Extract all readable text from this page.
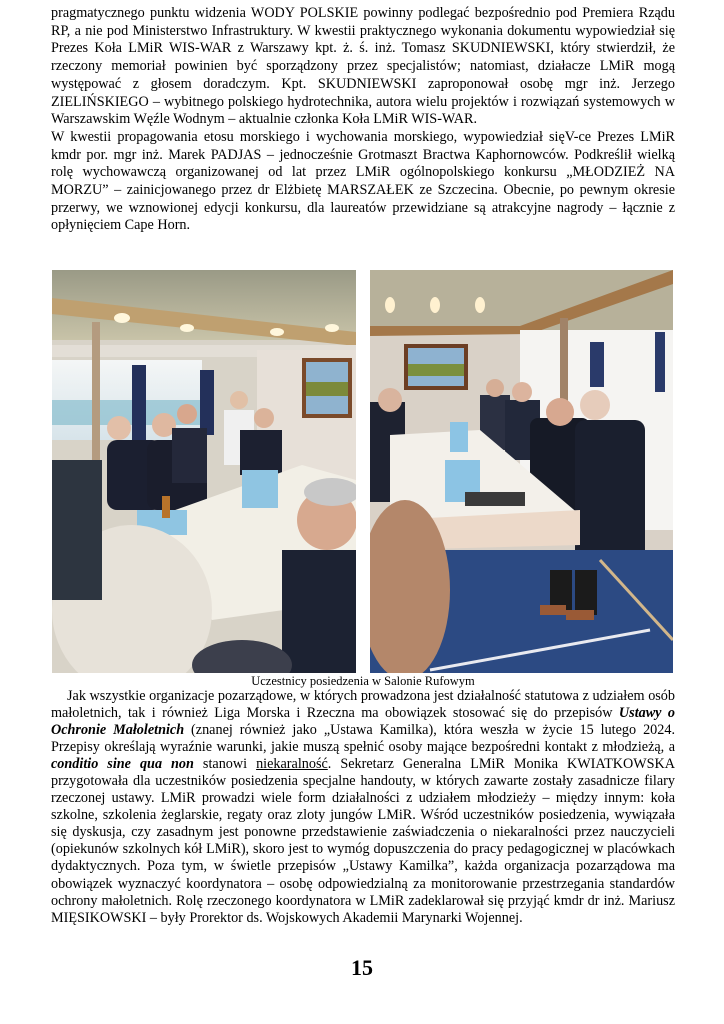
pragmatycznego punktu widzenia WODY POLSKIE powinny podlegać bezpośrednio pod Premiera Rządu RP, a nie pod Ministerstwo Infrastruktury. W kwestii praktycznego wykonania dokumentu wypowiedział się Prezes Koła LMiR WIS-WAR z Warszawy kpt. ż. ś. inż. Tomasz SKUDNIEWSKI, który stwierdził, że rzeczony memoriał powinien być sporządzony przez specjalistów; natomiast, działacze LMiR mogą występować z głosem doradczym. Kpt. SKUDNIEWSKI zaproponował osobę mgr inż. Jerzego ZIELIŃSKIEGO – wybitnego polskiego hydrotechnika, autora wielu projektów i rozwiązań systemowych w Warszawskim Węźle Wodnym – aktualnie członka Koła LMiR WIS-WAR.

W kwestii propagowania etosu morskiego i wychowania morskiego, wypowiedział sięV-ce Prezes LMiR kmdr por. mgr inż. Marek PADJAS – jednocześnie Grotmaszt Bractwa Kaphornowców. Podkreślił wielką rolę wychowawczą organizowanej od lat przez LMiR ogólnopolskiego konkursu „MŁODZIEŻ NA MORZU” – zainicjowanego przez dr Elżbietę MARSZAŁEK ze Szczecina. Obecnie, po pewnym okresie przerwy, we wznowionej edycji konkursu, dla laureatów przewidziane są atrakcyjne nagrody – łącznie z opłynięciem Cape Horn.

Uczestnicy posiedzenia w Salonie Rufowym

Jak wszystkie organizacje pozarządowe, w których prowadzona jest działalność statutowa z udziałem osób małoletnich, tak i również Liga Morska i Rzeczna ma obowiązek stosować się do przepisów Ustawy o Ochronie Małoletnich (znanej również jako „Ustawa Kamilka), która weszła w życie 15 lutego 2024. Przepisy określają wyraźnie warunki, jakie muszą spełnić osoby mające bezpośredni kontakt z młodzieżą, a conditio sine qua non stanowi niekaralność. Sekretarz Generalna LMiR Monika KWIATKOWSKA przygotowała dla uczestników posiedzenia specjalne handouty, w których zawarte zostały zasadnicze filary rzeczonej ustawy. LMiR prowadzi wiele form działalności z udziałem młodzieży – między innym: koła szkolne, szkolenia żeglarskie, regaty oraz zloty jungów LMiR. Wśród uczestników posiedzenia, wywiązała się dyskusja, czy zasadnym jest ponowne przedstawienie zaświadczenia o niekaralności przez nauczycieli (opiekunów szkolnych kół LMiR), skoro jest to wymóg dopuszczenia do pracy pedagogicznej w placówkach dydaktycznych. Poza tym, w świetle przepisów „Ustawy Kamilka”, każda organizacja pozarządowa ma obowiązek wyznaczyć koordynatora – osobę odpowiedzialną za monitorowanie przestrzegania standardów ochrony małoletnich. Rolę rzeczonego koordynatora w LMiR zadeklarował się przyjąć kmdr dr inż. Mariusz MIĘSIKOWSKI – były Prorektor ds. Wojskowych Akademii Marynarki Wojennej.

15
